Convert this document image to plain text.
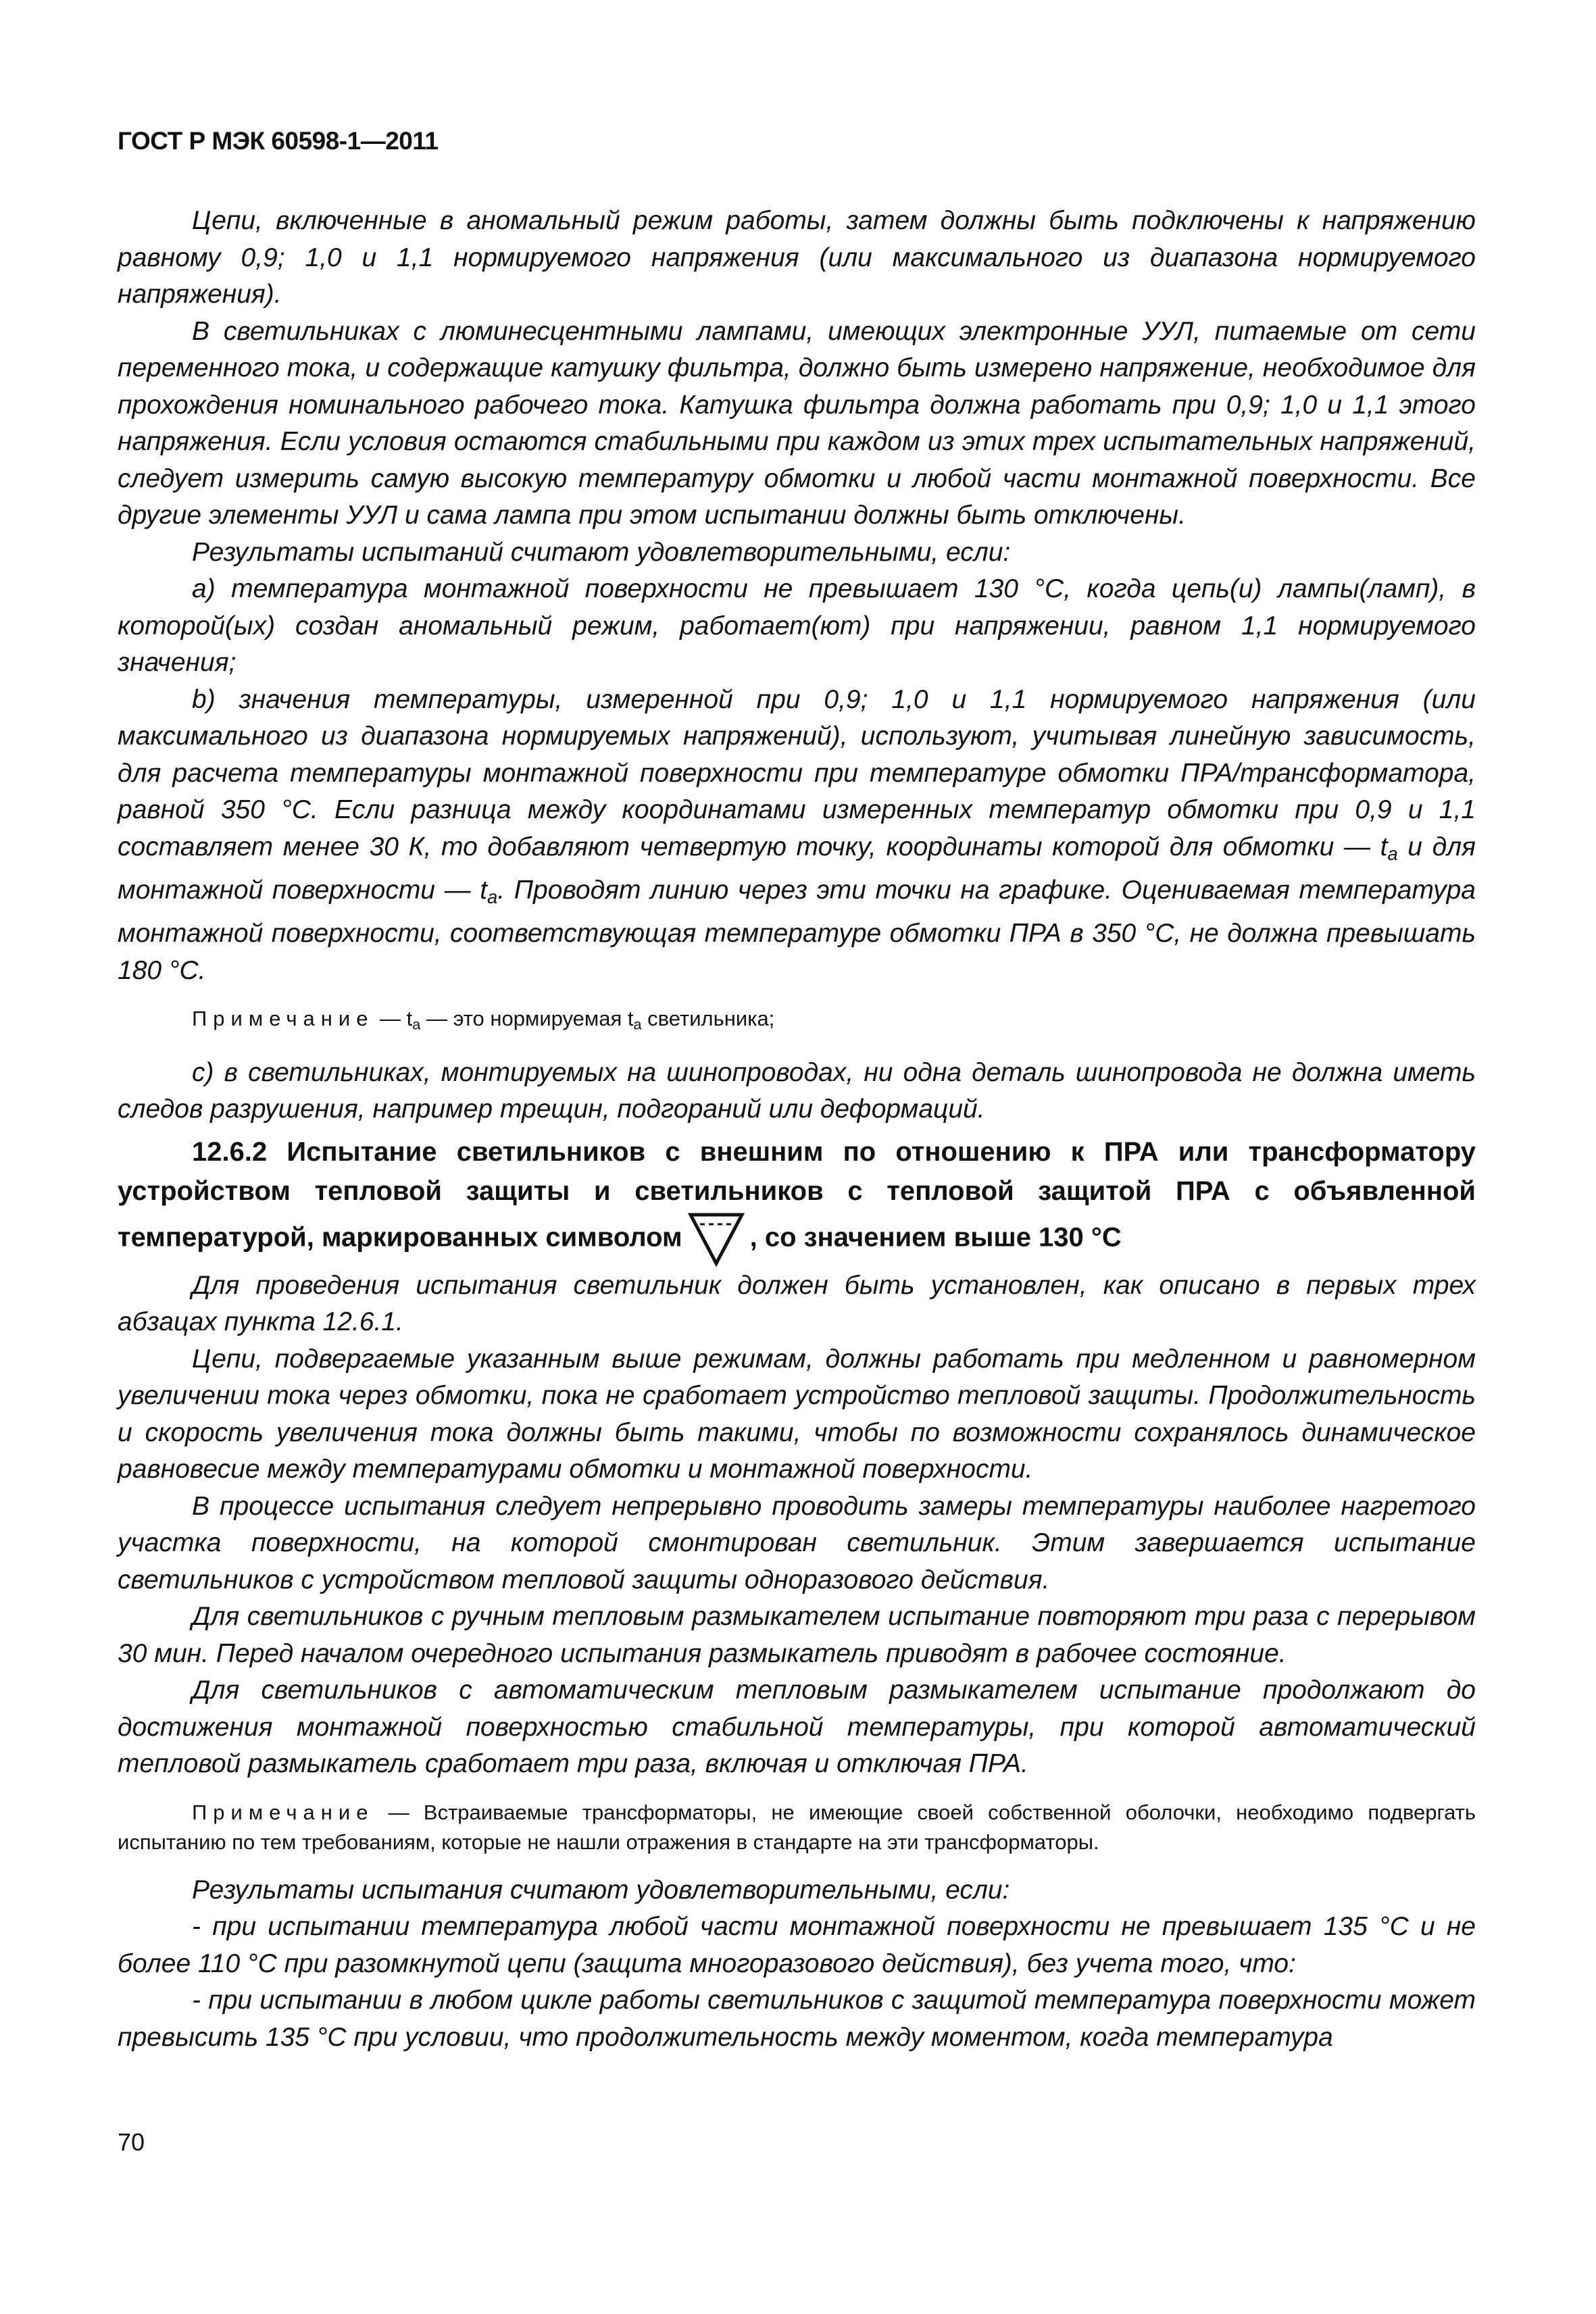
ГОСТ Р МЭК 60598-1—2011

Цепи, включенные в аномальный режим работы, затем должны быть подключены к напряжению равному 0,9; 1,0 и 1,1 нормируемого напряжения (или максимального из диапазона нормируемого напряжения).

В светильниках с люминесцентными лампами, имеющих электронные УУЛ, питаемые от сети переменного тока, и содержащие катушку фильтра, должно быть измерено напряжение, необходимое для прохождения номинального рабочего тока. Катушка фильтра должна работать при 0,9; 1,0 и 1,1 этого напряжения. Если условия остаются стабильными при каждом из этих трех испытательных напряжений, следует измерить самую высокую температуру обмотки и любой части монтажной поверхности. Все другие элементы УУЛ и сама лампа при этом испытании должны быть отключены.

Результаты испытаний считают удовлетворительными, если:

a) температура монтажной поверхности не превышает 130 °С, когда цепь(и) лампы(ламп), в которой(ых) создан аномальный режим, работает(ют) при напряжении, равном 1,1 нормируемого значения;

b) значения температуры, измеренной при 0,9; 1,0 и 1,1 нормируемого напряжения (или максимального из диапазона нормируемых напряжений), используют, учитывая линейную зависимость, для расчета температуры монтажной поверхности при температуре обмотки ПРА/трансформатора, равной 350 °С. Если разница между координатами измеренных температур обмотки при 0,9 и 1,1 составляет менее 30 К, то добавляют четвертую точку, координаты которой для обмотки — $t_a$ и для монтажной поверхности — $t_a$. Проводят линию через эти точки на графике. Оцениваемая температура монтажной поверхности, соответствующая температуре обмотки ПРА в 350 °С, не должна превышать 180 °С.

Примечание — $t_a$ — это нормируемая $t_a$ светильника;

c) в светильниках, монтируемых на шинопроводах, ни одна деталь шинопровода не должна иметь следов разрушения, например трещин, подгораний или деформаций.

12.6.2 Испытание светильников с внешним по отношению к ПРА или трансформатору устройством тепловой защиты и светильников с тепловой защитой ПРА с объявленной температурой, маркированных символом	, со значением выше 130 °С

Для проведения испытания светильник должен быть установлен, как описано в первых трех абзацах пункта 12.6.1.

Цепи, подвергаемые указанным выше режимам, должны работать при медленном и равномерном увеличении тока через обмотки, пока не сработает устройство тепловой защиты. Продолжительность и скорость увеличения тока должны быть такими, чтобы по возможности сохранялось динамическое равновесие между температурами обмотки и монтажной поверхности.

В процессе испытания следует непрерывно проводить замеры температуры наиболее нагретого участка поверхности, на которой смонтирован светильник. Этим завершается испытание светильников с устройством тепловой защиты одноразового действия.

Для светильников с ручным тепловым размыкателем испытание повторяют три раза с перерывом 30 мин. Перед началом очередного испытания размыкатель приводят в рабочее состояние.

Для светильников с автоматическим тепловым размыкателем испытание продолжают до достижения монтажной поверхностью стабильной температуры, при которой автоматический тепловой размыкатель сработает три раза, включая и отключая ПРА.

Примечание — Встраиваемые трансформаторы, не имеющие своей собственной оболочки, необходимо подвергать испытанию по тем требованиям, которые не нашли отражения в стандарте на эти трансформаторы.

Результаты испытания считают удовлетворительными, если:

- при испытании температура любой части монтажной поверхности не превышает 135 °С и не более 110 °С при разомкнутой цепи (защита многоразового действия), без учета того, что:

- при испытании в любом цикле работы светильников с защитой температура поверхности может превысить 135 °С при условии, что продолжительность между моментом, когда температура

70
